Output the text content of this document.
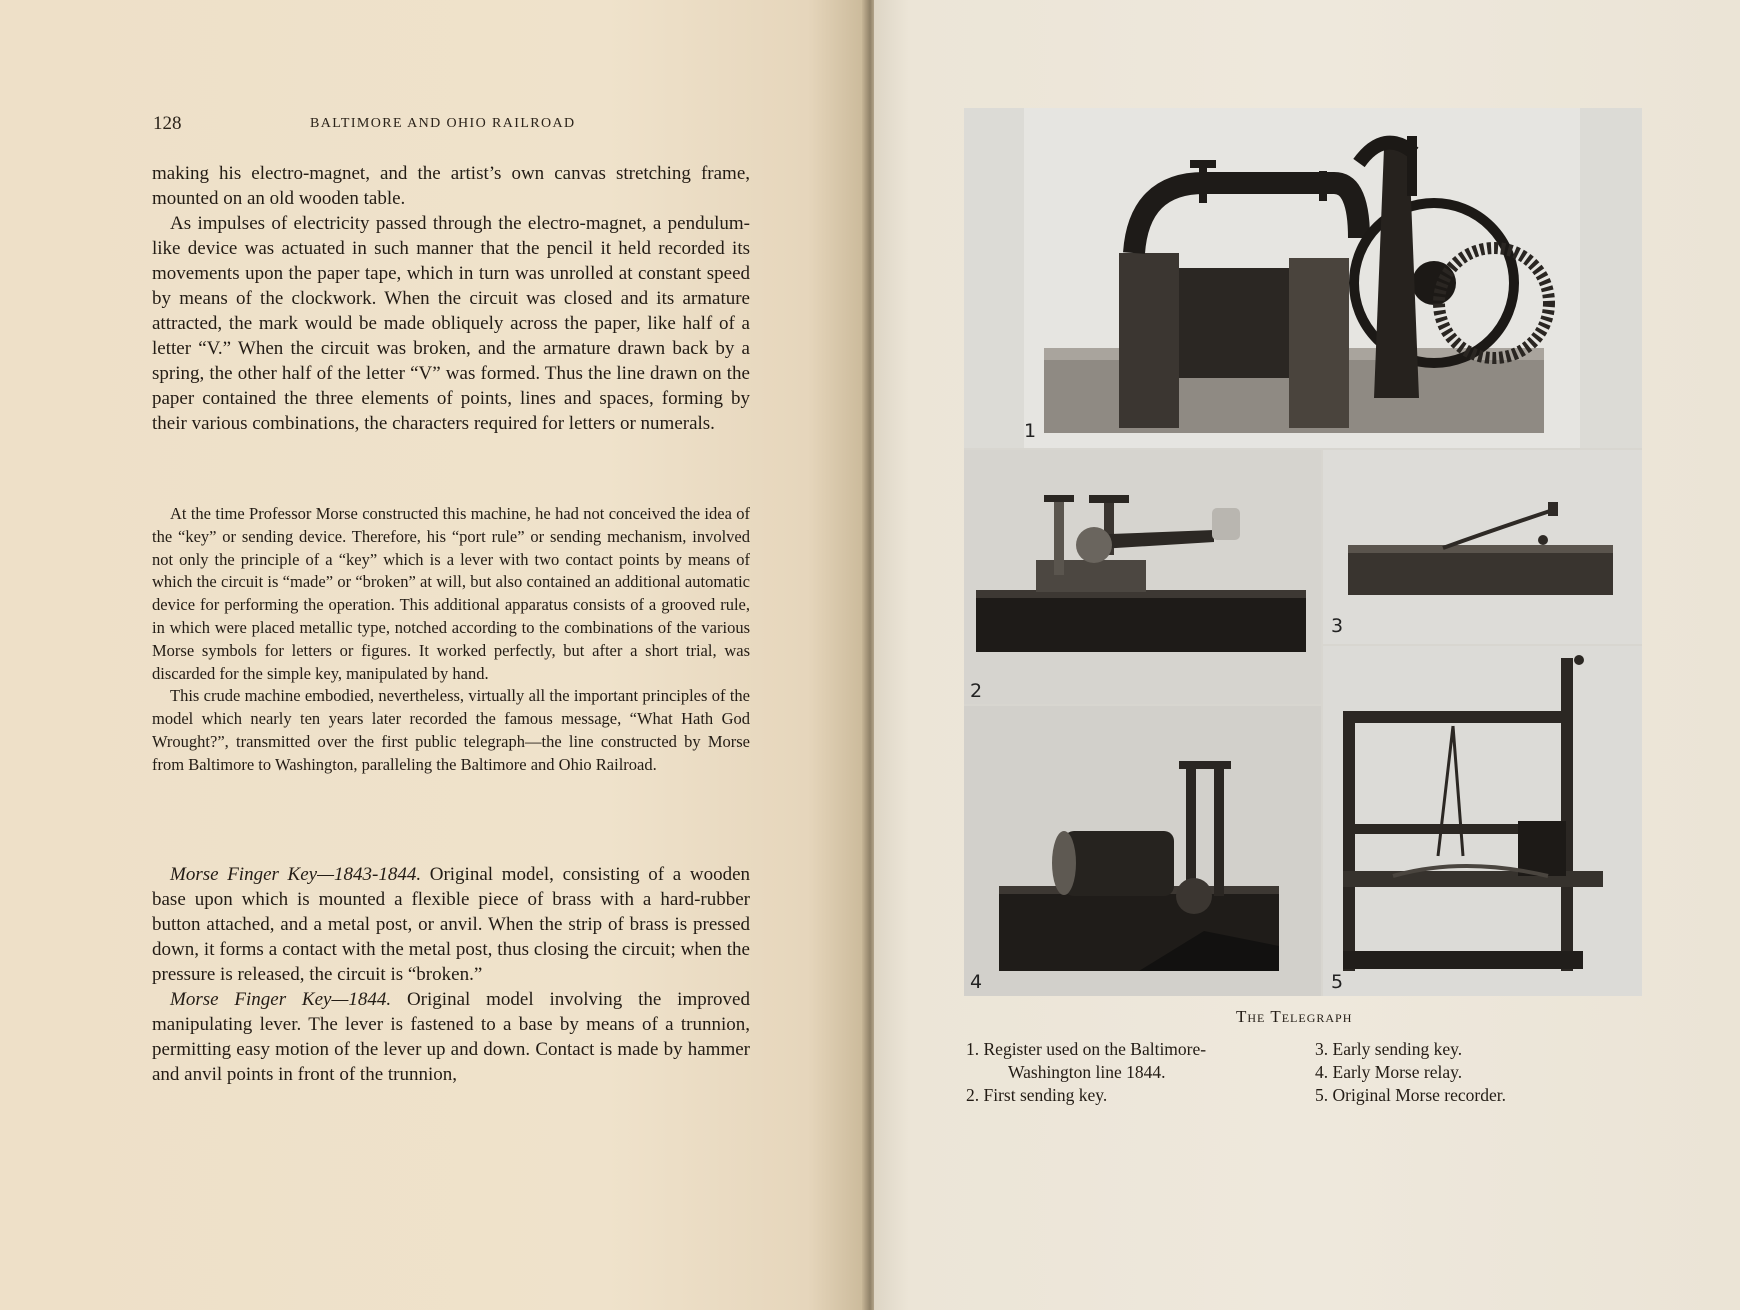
128	BALTIMORE AND OHIO RAILROAD

making his electro-magnet, and the artist’s own canvas stretching frame, mounted on an old wooden table.

As impulses of electricity passed through the electro-magnet, a pendulum-like device was actuated in such manner that the pencil it held recorded its movements upon the paper tape, which in turn was unrolled at constant speed by means of the clockwork. When the circuit was closed and its armature attracted, the mark would be made obliquely across the paper, like half of a letter “V.” When the circuit was broken, and the armature drawn back by a spring, the other half of the letter “V” was formed. Thus the line drawn on the paper contained the three elements of points, lines and spaces, forming by their various combinations, the characters required for letters or numerals.

At the time Professor Morse constructed this machine, he had not conceived the idea of the “key” or sending device. Therefore, his “port rule” or sending mechanism, involved not only the principle of a “key” which is a lever with two contact points by means of which the circuit is “made” or “broken” at will, but also contained an additional automatic device for performing the operation. This additional apparatus consists of a grooved rule, in which were placed metallic type, notched according to the combinations of the various Morse symbols for letters or figures. It worked perfectly, but after a short trial, was discarded for the simple key, manipulated by hand.

This crude machine embodied, nevertheless, virtually all the important principles of the model which nearly ten years later recorded the famous message, “What Hath God Wrought?”, transmitted over the first public telegraph—the line constructed by Morse from Baltimore to Washington, paralleling the Baltimore and Ohio Railroad.

Morse Finger Key—1843-1844. Original model, consisting of a wooden base upon which is mounted a flexible piece of brass with a hard-rubber button attached, and a metal post, or anvil. When the strip of brass is pressed down, it forms a contact with the metal post, thus closing the circuit; when the pressure is released, the circuit is “broken.”

Morse Finger Key—1844. Original model involving the improved manipulating lever. The lever is fastened to a base by means of a trunnion, permitting easy motion of the lever up and down. Contact is made by hammer and anvil points in front of the trunnion,

1
2
3
4	5
The Telegraph
1. Register used on the Baltimore-
Washington line 1844.
2. First sending key.
3. Early sending key.
4. Early Morse relay.
5. Original Morse recorder.
